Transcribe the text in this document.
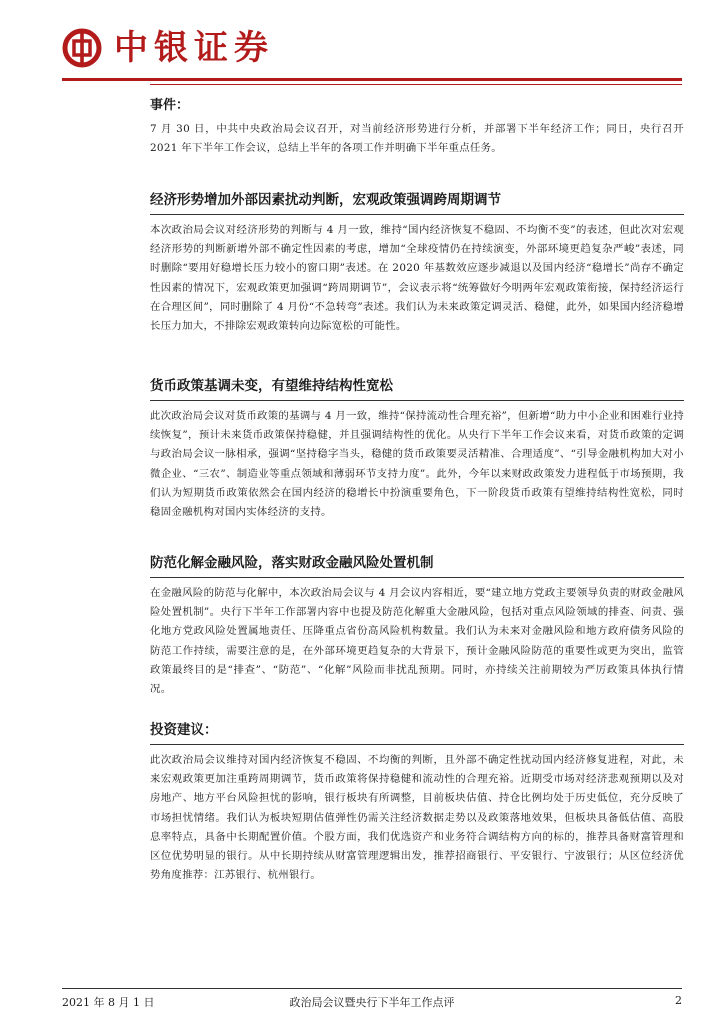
中银证券

事件：

7 月 30 日，中共中央政治局会议召开，对当前经济形势进行分析，并部署下半年经济工作；同日，央行召开2021 年下半年工作会议，总结上半年的各项工作并明确下半年重点任务。

经济形势增加外部因素扰动判断，宏观政策强调跨周期调节

本次政治局会议对经济形势的判断与 4 月一致，维持“国内经济恢复不稳固、不均衡不变”的表述，但此次对宏观经济形势的判断新增外部不确定性因素的考虑，增加“全球疫情仍在持续演变，外部环境更趋复杂严峻”表述，同时删除“要用好稳增长压力较小的窗口期”表述。在 2020 年基数效应逐步减退以及国内经济“稳增长”尚存不确定性因素的情况下，宏观政策更加强调“跨周期调节”，会议表示将“统筹做好今明两年宏观政策衔接，保持经济运行在合理区间”，同时删除了 4 月份“不急转弯”表述。我们认为未来政策定调灵活、稳健，此外，如果国内经济稳增长压力加大，不排除宏观政策转向边际宽松的可能性。

货币政策基调未变，有望维持结构性宽松

此次政治局会议对货币政策的基调与 4 月一致，维持“保持流动性合理充裕”，但新增“助力中小企业和困难行业持续恢复”，预计未来货币政策保持稳健，并且强调结构性的优化。从央行下半年工作会议来看，对货币政策的定调与政治局会议一脉相承，强调“坚持稳字当头，稳健的货币政策要灵活精准、合理适度”、“引导金融机构加大对小微企业、“三农”、制造业等重点领域和薄弱环节支持力度”。此外，今年以来财政政策发力进程低于市场预期，我们认为短期货币政策依然会在国内经济的稳增长中扮演重要角色，下一阶段货币政策有望维持结构性宽松，同时稳固金融机构对国内实体经济的支持。

防范化解金融风险，落实财政金融风险处置机制

在金融风险的防范与化解中，本次政治局会议与 4 月会议内容相近，要“建立地方党政主要领导负责的财政金融风险处置机制”。央行下半年工作部署内容中也提及防范化解重大金融风险，包括对重点风险领域的排查、问责、强化地方党政风险处置属地责任、压降重点省份高风险机构数量。我们认为未来对金融风险和地方政府债务风险的防范工作持续，需要注意的是，在外部环境更趋复杂的大背景下，预计金融风险防范的重要性或更为突出，监管政策最终目的是“排查”、“防范”、“化解”风险而非扰乱预期。同时，亦持续关注前期较为严厉政策具体执行情况。

投资建议：

此次政治局会议维持对国内经济恢复不稳固、不均衡的判断，且外部不确定性扰动国内经济修复进程，对此，未来宏观政策更加注重跨周期调节，货币政策将保持稳健和流动性的合理充裕。近期受市场对经济悲观预期以及对房地产、地方平台风险担忧的影响，银行板块有所调整，目前板块估值、持仓比例均处于历史低位，充分反映了市场担忧情绪。我们认为板块短期估值弹性仍需关注经济数据走势以及政策落地效果，但板块具备低估值、高股息率特点，具备中长期配置价值。个股方面，我们优选资产和业务符合调结构方向的标的，推荐具备财富管理和区位优势明显的银行。从中长期持续从财富管理逻辑出发，推荐招商银行、平安银行、宁波银行；从区位经济优势角度推荐：江苏银行、杭州银行。

2021 年 8 月 1 日	政治局会议暨央行下半年工作点评	2
